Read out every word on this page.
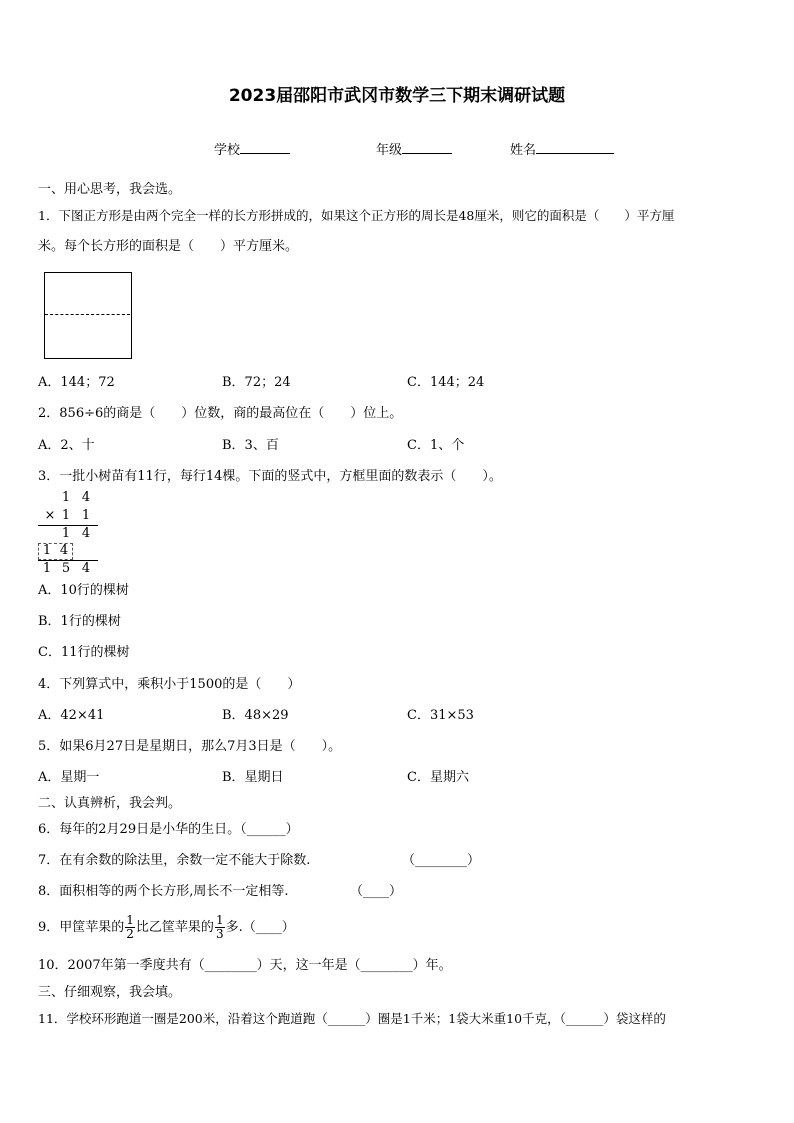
2023届邵阳市武冈市数学三下期末调研试题
学校	年级	姓名
一、用心思考，我会选。
1．下图正方形是由两个完全一样的长方形拼成的，如果这个正方形的周长是48厘米，则它的面积是（　　）平方厘
米。每个长方形的面积是（　　）平方厘米。
A．144；72	B．72；24	C．144；24
2．856÷6的商是（　　）位数，商的最高位在（　　）位上。
A．2、十	B．3、百	C．1、个
3．一批小树苗有11行，每行14棵。下面的竖式中，方框里面的数表示（　　）。
1 4
× 1 1
1 4
1 4
1 5 4
A．10行的棵树
B．1行的棵树
C．11行的棵树
4．下列算式中，乘积小于1500的是（　　）
A．42×41	B．48×29	C．31×53
5．如果6月27日是星期日，那么7月3日是（　　）。
A．星期一	B．星期日	C．星期六
二、认真辨析，我会判。
6．每年的2月29日是小华的生日。（______）
7．在有余数的除法里，余数一定不能大于除数.	（________）
8．面积相等的两个长方形,周长不一定相等.	（____）
9．甲筐苹果的 $\frac{1}{2}$ 比乙筐苹果的 $\frac{1}{3}$ 多.（____）
10．2007年第一季度共有（________）天，这一年是（________）年。
三、仔细观察，我会填。
11．学校环形跑道一圈是200米，沿着这个跑道跑（______）圈是1千米；1袋大米重10千克，（______）袋这样的
